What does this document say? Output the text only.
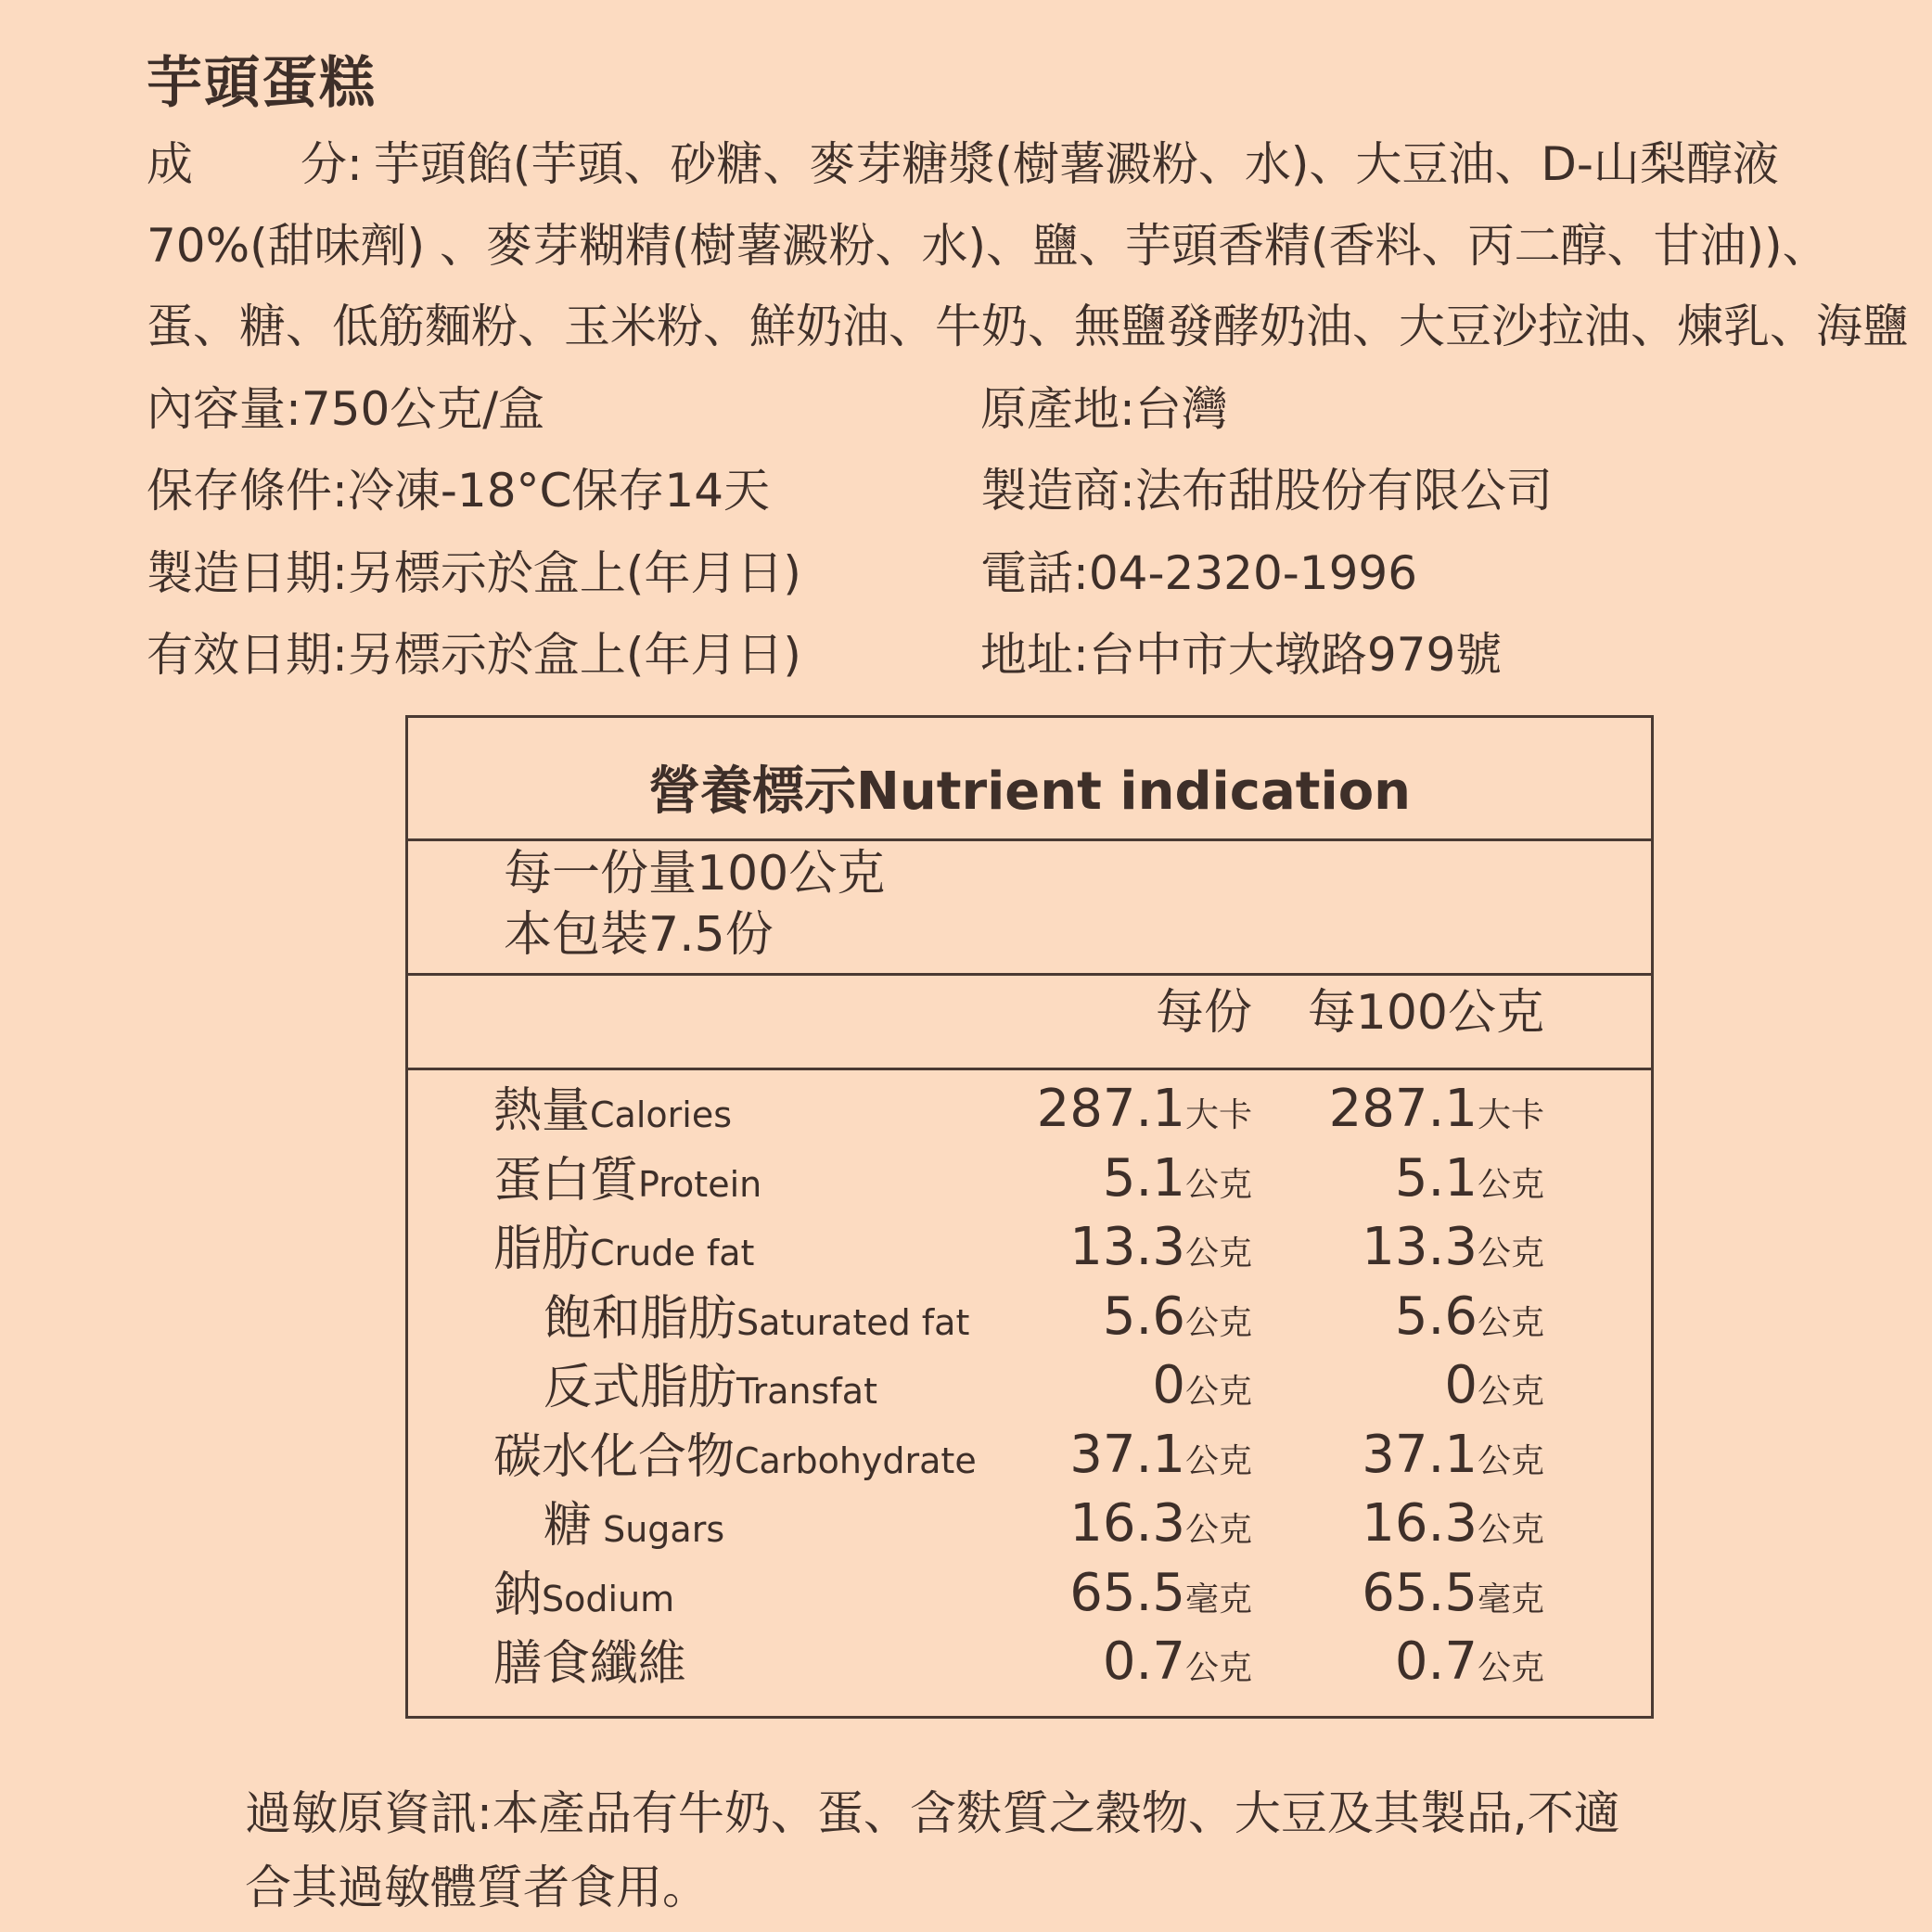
芋頭蛋糕
成 分: 芋頭餡(芋頭、砂糖、麥芽糖漿(樹薯澱粉、水)、大豆油、D-山梨醇液
70%(甜味劑) 、麥芽糊精(樹薯澱粉、水)、鹽、芋頭香精(香料、丙二醇、甘油))、
蛋、糖、低筋麵粉、玉米粉、鮮奶油、牛奶、無鹽發酵奶油、大豆沙拉油、煉乳、海鹽
內容量:750公克/盒	原產地:台灣
保存條件:冷凍-18°C保存14天	製造商:法布甜股份有限公司
製造日期:另標示於盒上(年月日)	電話:04-2320-1996
有效日期:另標示於盒上(年月日)	地址:台中市大墩路979號
營養標示Nutrient indication
每一份量100公克
本包裝7.5份
每份 每100公克
熱量Calories	287.1大卡 287.1大卡
蛋白質Protein	5.1公克	5.1公克
脂肪Crude fat	13.3公克 13.3公克
飽和脂肪Saturated fat	5.6公克	5.6公克
反式脂肪Transfat	0公克	0公克
碳水化合物Carbohydrate 37.1公克 37.1公克
糖 Sugars	16.3公克 16.3公克
鈉Sodium	65.5毫克 65.5毫克
膳食纖維	0.7公克	0.7公克
過敏原資訊:本產品有牛奶、蛋、含麩質之穀物、大豆及其製品,不適
合其過敏體質者食用。
